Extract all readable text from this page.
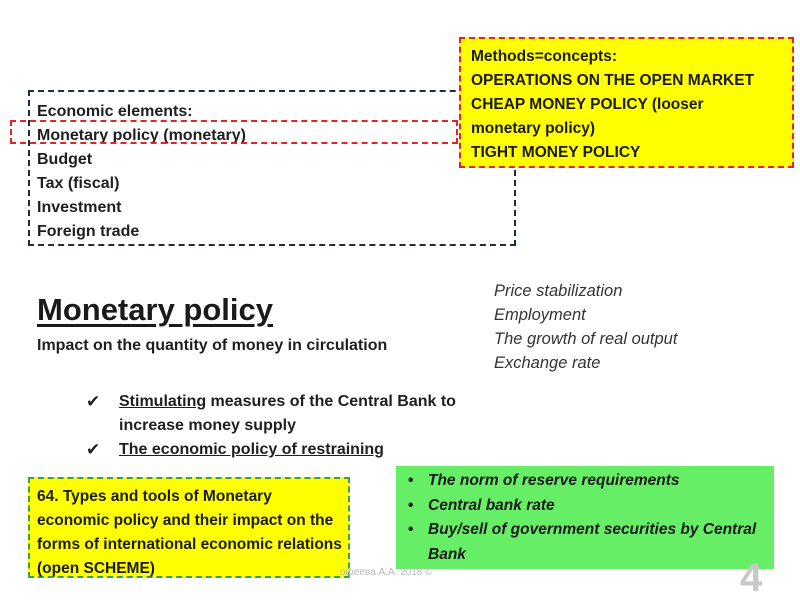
Economic elements:
Monetary policy (monetary)
Budget
Tax (fiscal)
Investment
Foreign trade
Methods=concepts:
OPERATIONS ON THE OPEN MARKET
CHEAP MONEY POLICY (looser
monetary policy)
TIGHT MONEY POLICY
Monetary policy
Impact on the quantity of money in circulation
Price stabilization
Employment
The growth of real output
Exchange rate
✔ Stimulating measures of the Central Bank to
increase money supply
✔ The economic policy of restraining
64. Types and tools of Monetary economic policy and their impact on the forms of international economic relations (open SCHEME)
• The norm of reserve requirements
• Central bank rate
• Buy/sell of government securities by Central Bank
офеева А.А. 2018 ©	4
